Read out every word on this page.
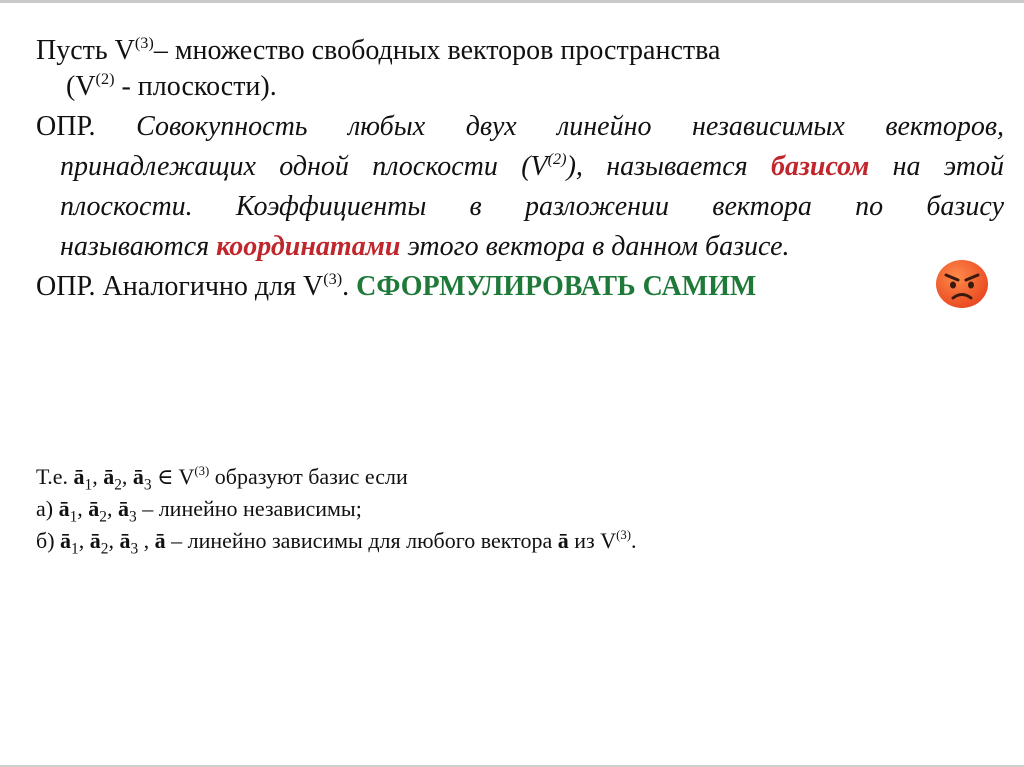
Пусть $V^{(3)}-$ множество свободных векторов пространства
($V^{(2)}$ - плоскости).
ОПР. Совокупность любых двух линейно независимых векторов,
принадлежащих одной плоскости $(V^{(2)})$, называется базисом на этой
плоскости. Коэффициенты в разложении вектора по базису
называются координатами этого вектора в данном базисе.
ОПР. Аналогично для $V^{(3)}$. СФОРМУЛИРОВАТЬ САМИМ
Т.е. $ā_1$, $ā_2$, $ā_3$ ∈ $V^{(3)}$ образуют базис если
а) $ā_1$, $ā_2$, $ā_3$ – линейно независимы;
б) $ā_1$, $ā_2$, $ā_3$ , ā – линейно зависимы для любого вектора ā из $V^{(3)}$.
